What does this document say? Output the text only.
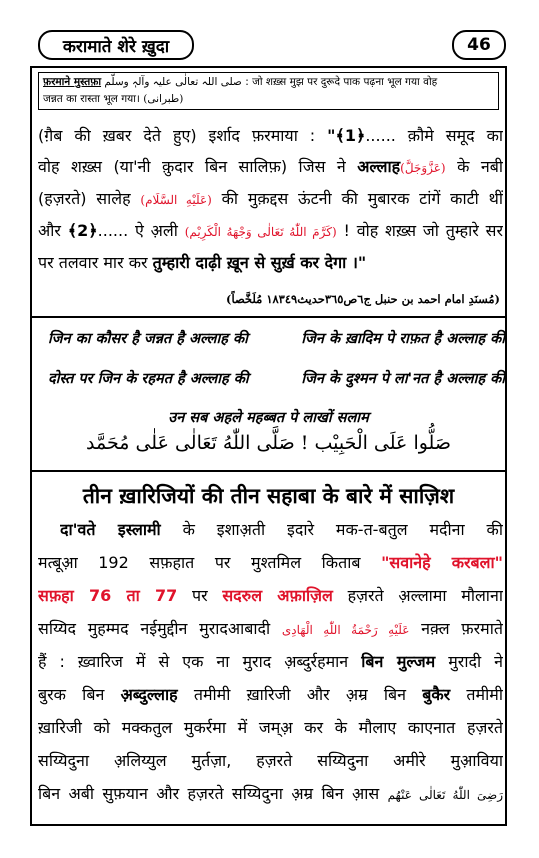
करामाते शेरे ख़ुदा	46
फ़रमाने मुस्तफ़ा صلی اللہ تعالٰی علیہ وآلہٖ وسلّم : जो शख़्स मुझ पर दुरूदे पाक पढ़ना भूल गया वोह
जन्नत का रास्ता भूल गया। (طبرانی)
(ग़ैब की ख़बर देते हुए) इर्शाद फ़रमाया : "﴾1﴿...... क़ौमे समूद का
वोह शख़्स (या'नी क़ुदार बिन सालिफ़) जिस ने अल्लाह(عَزَّوَجَلَّ) के नबी
(हज़रते) सालेह (عَلَیْهِ السَّلَام) की मुक़द्दस ऊंटनी की मुबारक टांगें काटी थीं
और ﴾2﴿...... ऐ अ़ली (کَرَّمَ اللّٰهُ تَعَالٰی وَجْهَهُ الْکَرِیْم) ! वोह शख़्स जो तुम्हारे सर
पर तलवार मार कर तुम्हारी दाढ़ी ख़ून से सुर्ख़ कर देगा ।"
(مُسنَدِ امام احمد بن حنبل ج٦ص٣٦٥حدیث١٨٣٤٩ مُلَخَّصاً)
जिन का कौसर है जन्नत है अल्लाह की	जिन के ख़ादिम पे राफ़त है अल्लाह की
दोस्त पर जिन के रहमत है अल्लाह की	जिन के दुश्मन पे ला'नत है अल्लाह की
उन सब अहले महब्बत पे लाखों सलाम
صَلُّوا عَلَی الْحَبِیْب ! صَلَّی اللّٰهُ تَعَالٰی عَلٰی مُحَمَّد
तीन ख़ारिजियों की तीन सहाबा के बारे में साज़िश
दा'वते इस्लामी के इशाअ़ती इदारे मक-त-बतुल मदीना की
मत्बूआ़ 192 सफ़हात पर मुश्तमिल किताब "सवानेहे करबला"
सफ़हा 76 ता 77 पर सदरुल अफ़ाज़िल हज़रते अ़ल्लामा मौलाना
सय्यिद मुहम्मद नईमुद्दीन मुरादआबादी عَلَیْهِ رَحْمَةُ اللّٰهِ الْهَادِی नक़्ल फ़रमाते
हैं : ख़्वारिज में से एक ना मुराद अ़ब्दुर्रहमान बिन मुल्जम मुरादी ने
बुरक बिन अ़ब्दुल्लाह तमीमी ख़ारिजी और अ़म्र बिन बुकैर तमीमी
ख़ारिजी को मक्कतुल मुकर्रमा में जम्अ़ कर के मौलाए काएनात हज़रते
सय्यिदुना अ़लिय्युल मुर्तज़ा, हज़रते सय्यिदुना अमीरे मुआ़विया
बिन अबी सुफ़यान और हज़रते सय्यिदुना अ़म्र बिन आ़स رَضِیَ اللّٰهُ تَعَالٰی عَنْهُم
